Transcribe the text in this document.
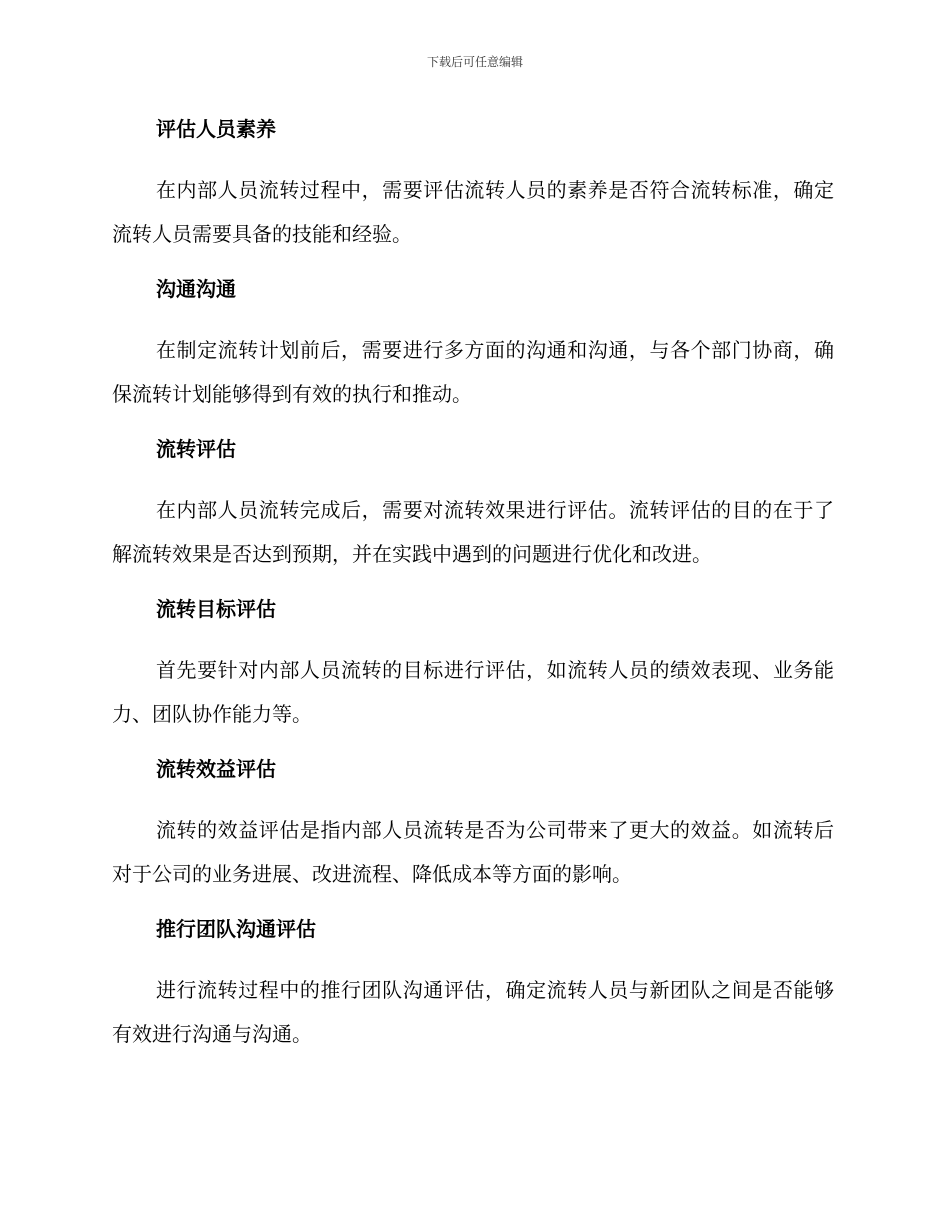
下载后可任意编辑
评估人员素养

在内部人员流转过程中，需要评估流转人员的素养是否符合流转标准，确定流转人员需要具备的技能和经验。

沟通沟通

在制定流转计划前后，需要进行多方面的沟通和沟通，与各个部门协商，确保流转计划能够得到有效的执行和推动。

流转评估

在内部人员流转完成后，需要对流转效果进行评估。流转评估的目的在于了解流转效果是否达到预期，并在实践中遇到的问题进行优化和改进。

流转目标评估

首先要针对内部人员流转的目标进行评估，如流转人员的绩效表现、业务能力、团队协作能力等。

流转效益评估

流转的效益评估是指内部人员流转是否为公司带来了更大的效益。如流转后对于公司的业务进展、改进流程、降低成本等方面的影响。

推行团队沟通评估

进行流转过程中的推行团队沟通评估，确定流转人员与新团队之间是否能够有效进行沟通与沟通。
